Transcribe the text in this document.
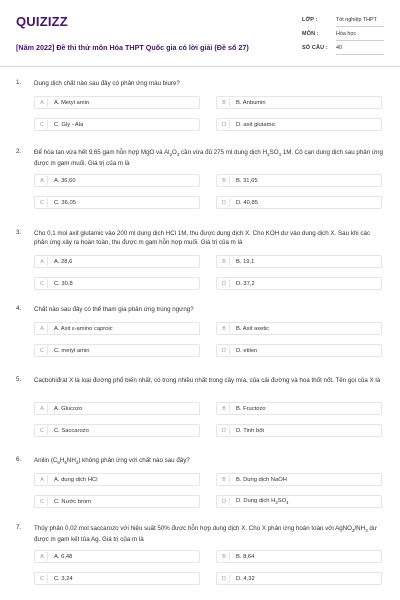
QUIZIZZ
[Năm 2022] Đề thi thử môn Hóa THPT Quốc gia có lời giải (Đề số 27)
LỚP :	Tốt nghiệp THPT
MÔN :	Hóa học
SỐ CÂU :	40
1. Dung dịch chất nào sau đây có phản ứng màu biure?
A	A. Metyl amin	B	B. Anbumin
C	C. Gly - Ala	D	D. axit glutamic
2. Để hòa tan vừa hết 9,65 gam hỗn hợp MgO và $Al_2O_3$ cần vừa đủ 275 ml dung dịch $H_2SO_4$ 1M. Cô cạn dung dịch sau phản ứng được m gam muối. Giá trị của m là
A	A. 36,60	B	B. 31,65
C	C. 36,05	D	D. 40,85
3. Cho 0,1 mol axit glutamic vào 200 ml dung dịch HCl 1M, thu được dung dịch X. Cho KOH dư vào dung dịch X. Sau khi các phản ứng xảy ra hoàn toàn, thu được m gam hỗn hợp muối. Giá trị của m là
A	A. 28,6	B	B. 19,1
C	C. 30,8	D	D. 37,2
4. Chất nào sau đây có thể tham gia phản ứng trùng ngưng?
A	A. Axit ε-amino caproic	B	B. Axit axetic
C	C. metyl amin	D	D. etilen
5. Cacbohiđrat X là loại đường phổ biến nhất, có trong nhiều nhất trong cây mía, của cải đường và hoa thốt nốt. Tên gọi của X là
A	A. Glucozo	B	B. Fructozo
C	C. Saccarozo	D	D. Tinh bột
6. Anilin $(C_6H_5NH_2)$ không phản ứng với chất nào sau đây?
A	A. dung dịch HCl	B	B. Dung dịch NaOH
C	C. Nước brom	D	D. Dung dịch $H_2SO_4$
7. Thủy phân 0,02 mol saccarozo với hiệu suất 50% được hỗn hợp dung dịch X. Cho X phản ứng hoàn toàn với $AgNO_3/NH_3$ dư được m gam kết tủa Ag. Giá trị của m là
A	A. 6,48	B	B. 8,64
C	C. 3,24	D	D. 4,32
